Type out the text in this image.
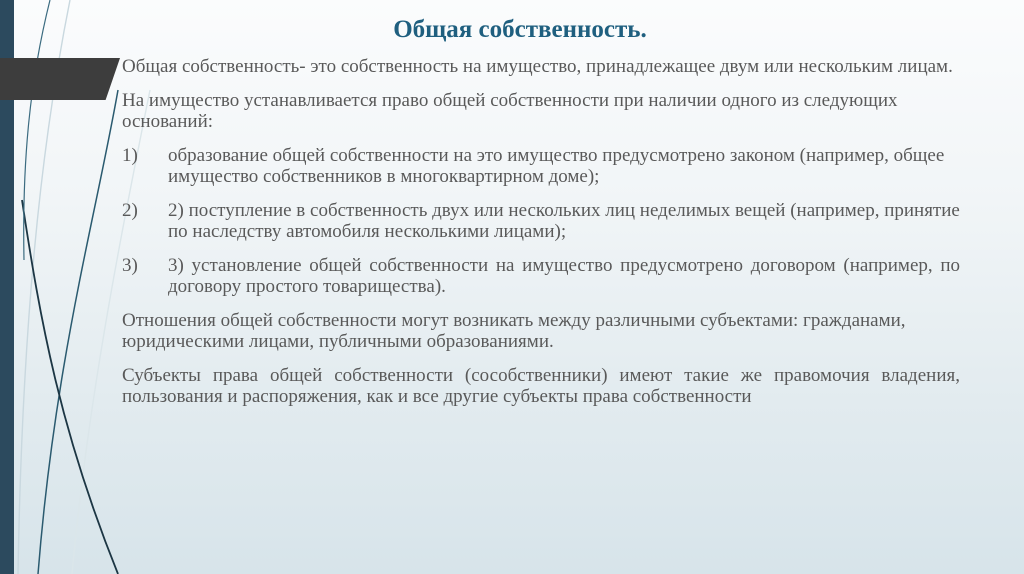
Общая собственность.

Общая собственность- это собственность на имущество, принадлежащее двум или нескольким лицам.

На имущество устанавливается право общей собственности при наличии одного из следующих оснований:

1) образование общей собственности на это имущество предусмотрено законом (например, общее имущество собственников в многоквартирном доме);
2) 2) поступление в собственность двух или нескольких лиц неделимых вещей (например, принятие по наследству автомобиля несколькими лицами);
3) 3) установление общей собственности на имущество предусмотрено договором (например, по договору простого товарищества).

Отношения общей собственности могут возникать между различными субъектами: гражданами, юридическими лицами, публичными образованиями.

Субъекты права общей собственности (сособственники) имеют такие же правомочия владения, пользования и распоряжения, как и все другие субъекты права собственности
